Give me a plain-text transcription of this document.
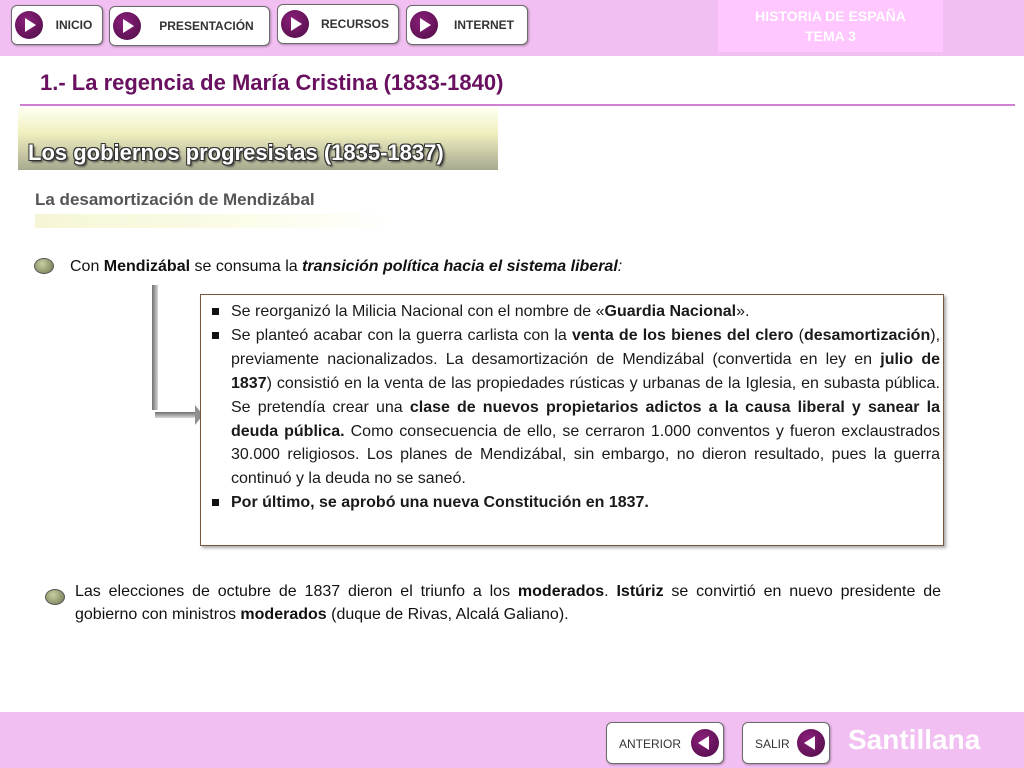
INICIO	PRESENTACIÓN	RECURSOS	INTERNET
HISTORIA DE ESPAÑA
TEMA 3
1.- La regencia de María Cristina (1833-1840)
Los gobiernos progresistas (1835-1837)
La desamortización de Mendizábal
Con Mendizábal se consuma la transición política hacia el sistema liberal:
Se reorganizó la Milicia Nacional con el nombre de «Guardia Nacional».
Se planteó acabar con la guerra carlista con la venta de los bienes del clero (desamortización), previamente nacionalizados. La desamortización de Mendizábal (convertida en ley en julio de 1837) consistió en la venta de las propiedades rústicas y urbanas de la Iglesia, en subasta pública. Se pretendía crear una clase de nuevos propietarios adictos a la causa liberal y sanear la deuda pública. Como consecuencia de ello, se cerraron 1.000 conventos y fueron exclaustrados 30.000 religiosos. Los planes de Mendizábal, sin embargo, no dieron resultado, pues la guerra continuó y la deuda no se saneó.
Por último, se aprobó una nueva Constitución en 1837.
Las elecciones de octubre de 1837 dieron el triunfo a los moderados. Istúriz se convirtió en nuevo presidente de gobierno con ministros moderados (duque de Rivas, Alcalá Galiano).
ANTERIOR	SALIR Santillana
